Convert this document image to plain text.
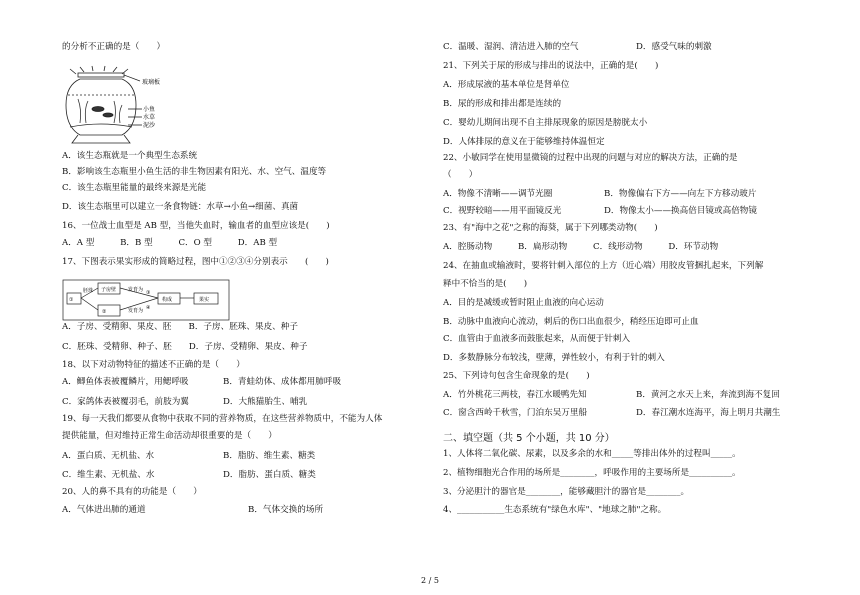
的分析不正确的是（　　）
A．该生态瓶就是一个典型生态系统
B．影响该生态瓶里小鱼生活的非生物因素有阳光、水、空气、温度等
C．该生态瓶里能量的最终来源是光能
D．该生态瓶里可以建立一条食物链：水草→小鱼→细菌、真菌
16、一位战士血型是 AB 型，当他失血时，输血者的血型应该是(　　)
A．A 型　　　B．B 型　　　C．O 型　　　D．AB 型
17、下图表示果实形成的简略过程，图中①②③④分别表示　　(　　)
A．子房、受精卵、果皮、胚　　B．子房、胚珠、果皮、种子
C．胚珠、受精卵、种子、胚　　D．子房、受精卵、果皮、种子
18、以下对动物特征的描述不正确的是（　　）
A．鲫鱼体表被覆鳞片，用鳃呼吸	B．青蛙幼体、成体都用肺呼吸
C．家鸽体表被覆羽毛，前肢为翼	D．大熊猫胎生、哺乳
19、每一天我们都要从食物中获取不同的营养物质，在这些营养物质中，不能为人体
提供能量，但对维持正常生命活动却很重要的是（　　）
A．蛋白质、无机盐、水	B．脂肪、维生素、糖类
C．维生素、无机盐、水	D．脂肪、蛋白质、糖类
20、人的鼻不具有的功能是（　　）
A．气体进出肺的通道	B．气体交换的场所
C．温暖、湿润、清洁进入肺的空气	D．感受气味的刺激
21、下列关于尿的形成与排出的说法中，正确的是(　　)
A．形成尿液的基本单位是肾单位
B．尿的形成和排出都是连续的
C．婴幼儿期间出现不自主排尿现象的原因是膀胱太小
D．人体排尿的意义在于能够维持体温恒定
22、小敏同学在使用显微镜的过程中出现的问题与对应的解决方法，正确的是
（　　）
A．物像不清晰——调节光圈	B．物像偏右下方——向左下方移动玻片
C．视野较暗——用平面镜反光	D．物像太小——换高倍目镜或高倍物镜
23、有"海中之花"之称的海葵，属于下列哪类动物(　　)
A．腔肠动物　　　B．扁形动物　　　C．线形动物　　　D．环节动物
24、在抽血或输液时，要将针刺入部位的上方（近心端）用胶皮管捆扎起来，下列解
释中不恰当的是(　　)
A．目的是减缓或暂时阻止血液的向心运动
B．动脉中血液向心流动，刺后的伤口出血很少，稍经压迫即可止血
C．血管由于血液多而鼓胀起来，从而便于针刺入
D．多数静脉分布较浅，壁薄，弹性较小，有利于针的刺入
25、下列诗句包含生命现象的是(　　)
A．竹外桃花三两枝，春江水暖鸭先知	B．黄河之水天上来，奔流到海不复回
C．窗含西岭千秋雪，门泊东吴万里船	D．春江潮水连海平，海上明月共潮生
1、人体将二氧化碳、尿素，以及多余的水和_____等排出体外的过程叫_____。
2、植物细胞光合作用的场所是________，呼吸作用的主要场所是__________。
3、分泌胆汁的器官是________，能够藏胆汁的器官是________。
4、___________生态系统有"绿色水库"、"地球之肺"之称。
二、填空题（共 5 个小题，共 10 分）
玻璃板
小鱼
水草
泥沙
①
胚珠 子房壁
②
发育为
发育为
构成	果实
③
④
2 / 5
